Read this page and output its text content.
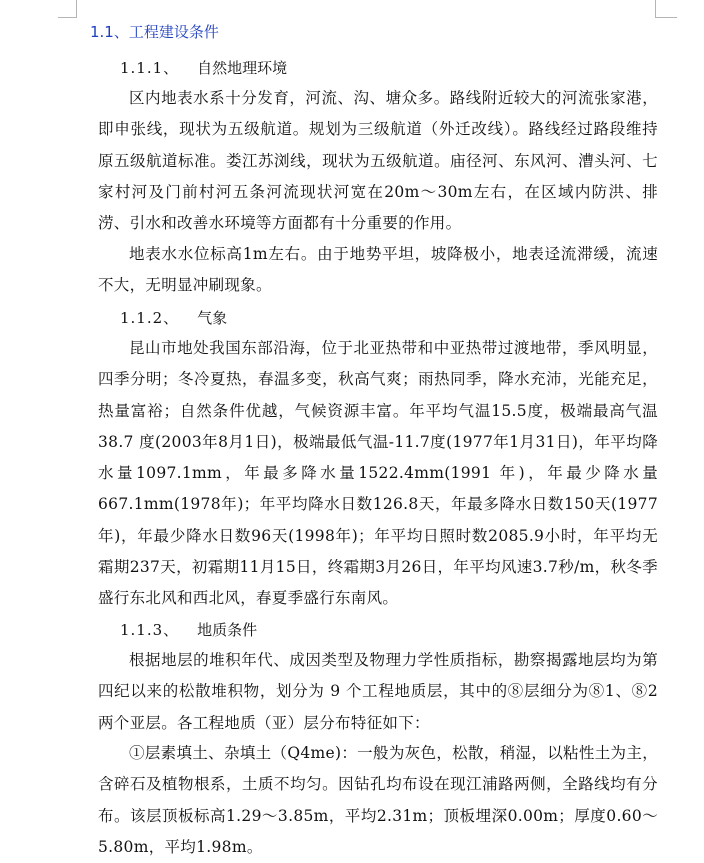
1.1、工程建设条件
1.1.1、 自然地理环境
区内地表水系十分发育，河流、沟、塘众多。路线附近较大的河流张家港，即申张线，现状为五级航道。规划为三级航道（外迁改线）。路线经过路段维持原五级航道标准。娄江苏浏线，现状为五级航道。庙径河、东风河、漕头河、七家村河及门前村河五条河流现状河宽在20m～30m左右，在区域内防洪、排涝、引水和改善水环境等方面都有十分重要的作用。
地表水水位标高1m左右。由于地势平坦，坡降极小，地表迳流滞缓，流速不大，无明显冲刷现象。
1.1.2、 气象
昆山市地处我国东部沿海，位于北亚热带和中亚热带过渡地带，季风明显，四季分明；冬冷夏热，春温多变，秋高气爽；雨热同季，降水充沛，光能充足，热量富裕；自然条件优越，气候资源丰富。年平均气温15.5度，极端最高气温38.7 度(2003年8月1日)，极端最低气温-11.7度(1977年1月31日)，年平均降水量1097.1mm，年最多降水量1522.4mm(1991 年)，年最少降水量667.1mm(1978年)；年平均降水日数126.8天，年最多降水日数150天(1977年)，年最少降水日数96天(1998年)；年平均日照时数2085.9小时，年平均无霜期237天，初霜期11月15日，终霜期3月26日，年平均风速3.7秒/m，秋冬季盛行东北风和西北风，春夏季盛行东南风。
1.1.3、 地质条件
根据地层的堆积年代、成因类型及物理力学性质指标，勘察揭露地层均为第四纪以来的松散堆积物，划分为 9 个工程地质层，其中的⑧层细分为⑧1、⑧2 两个亚层。各工程地质（亚）层分布特征如下：
①层素填土、杂填土（Q4me)：一般为灰色，松散，稍湿，以粘性土为主，含碎石及植物根系，土质不均匀。因钻孔均布设在现江浦路两侧，全路线均有分布。该层顶板标高1.29～3.85m，平均2.31m；顶板埋深0.00m；厚度0.60～5.80m，平均1.98m。
